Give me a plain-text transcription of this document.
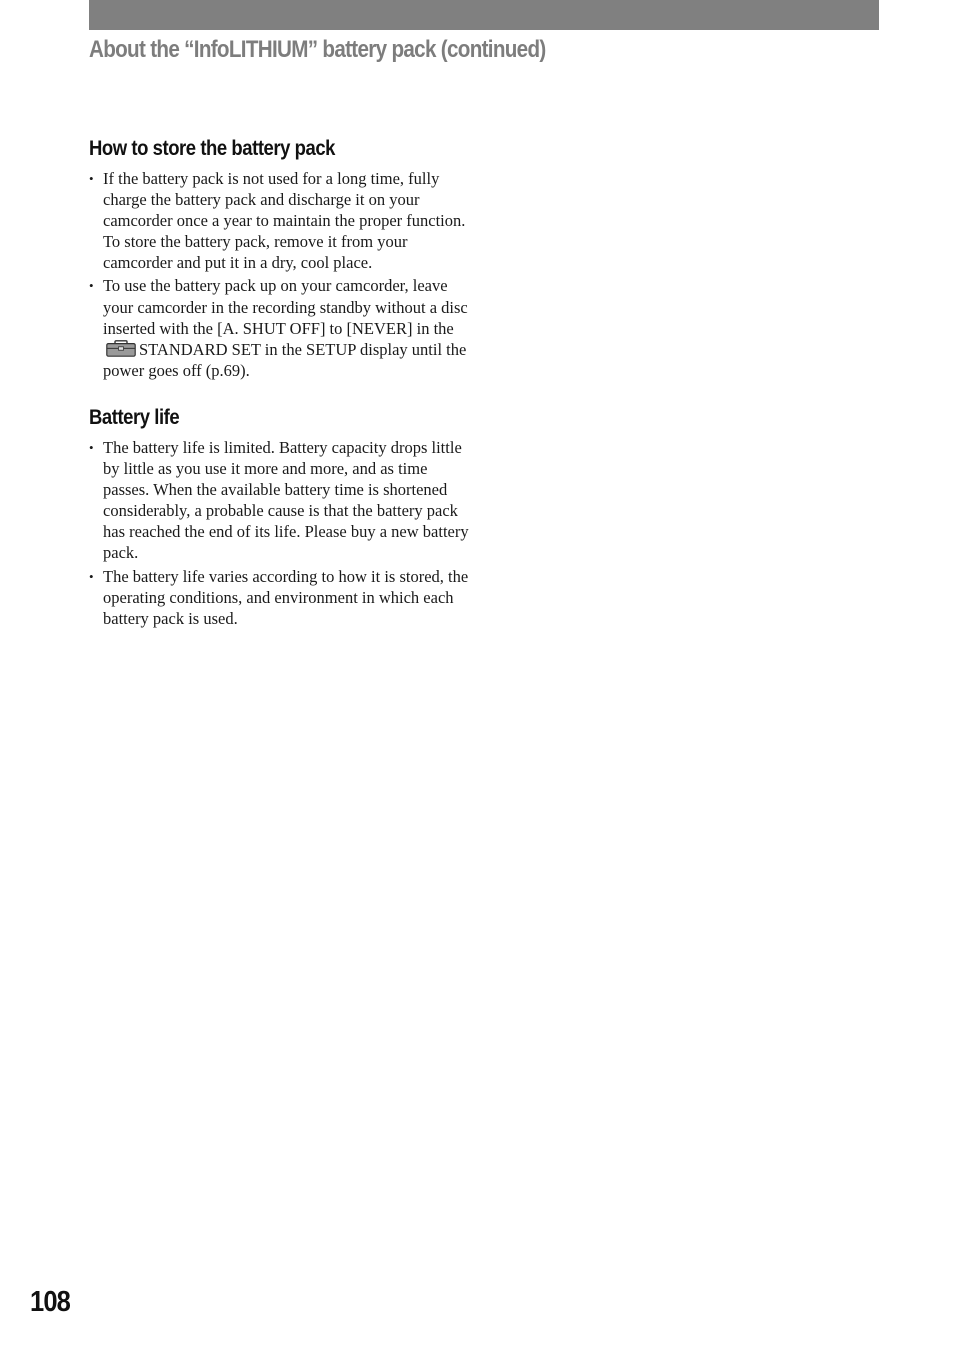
About the “InfoLITHIUM” battery pack (continued)
How to store the battery pack
• If the battery pack is not used for a long time, fully charge the battery pack and discharge it on your camcorder once a year to maintain the proper function. To store the battery pack, remove it from your camcorder and put it in a dry, cool place.
• To use the battery pack up on your camcorder, leave your camcorder in the recording standby without a disc inserted with the [A. SHUT OFF] to [NEVER] in theSTANDARD SET in the SETUP display until the power goes off (p.69).
Battery life
• The battery life is limited. Battery capacity drops little by little as you use it more and more, and as time passes. When the available battery time is shortened considerably, a probable cause is that the battery pack has reached the end of its life. Please buy a new battery pack.
• The battery life varies according to how it is stored, the operating conditions, and environment in which each battery pack is used.
108
